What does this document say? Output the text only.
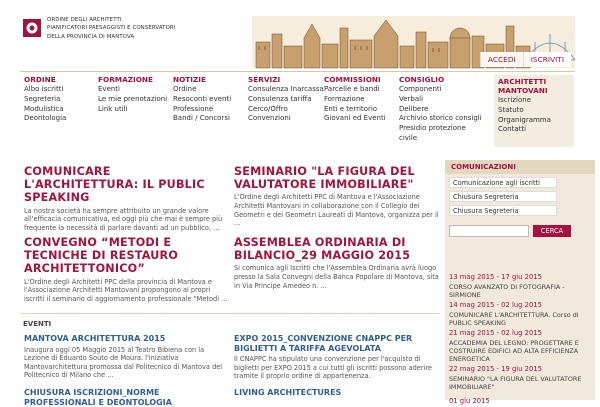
ORDINE DEGLI ARCHITETTI
PIANIFICATORI PAESAGGISTI E CONSERVATORI
DELLA PROVINCIA DI MANTOVA
ACCEDI	ISCRIVITI
ORDINE
Albo iscritti
Segreteria
Modulistica
Deontologia
FORMAZIONE
Eventi
Le mie prenotazioni
Link utili
NOTIZIE
Ordine
Resoconti eventi
Professione
Bandi / Concorsi
SERVIZI
Consulenza Inarcassa
Consulenza tariffa
Cerco/Offro
Convenzioni
COMMISSIONI
Parcelle e bandi
Formazione
Enti e territorio
Giovani ed Eventi
CONSIGLIO
Componenti
Verbali
Delibere
Archivio storico consigli
Presidio protezione
civile
ARCHITETTI MANTOVANI
Iscrizione
Statuto
Organigramma
Contatti
COMUNICARE L'ARCHITETTURA: IL PUBLIC SPEAKING

La nostra società ha sempre attribuito un grande valore all'efficacia comunicativa, ed oggi più che mai è sempre più frequente la necessità di parlare davanti ad un pubblico, ...

SEMINARIO "LA FIGURA DEL VALUTATORE IMMOBILIARE"

L'Ordine degli Architetti PPC di Mantova e l'Associazione Architetti Mantovani in collaborazione con il Collegio dei Geometri e dei Geometri Laureati di Mantova, organizza per il ...

CONVEGNO “METODI E TECNICHE DI RESTAURO ARCHITETTONICO”

L'Ordine degli Architetti PPC della provincia di Mantova e l'Associazione Architetti Mantovani propongono ai propri iscritti il seminario di aggiornamento professionale "Metodi ...

ASSEMBLEA ORDINARIA DI BILANCIO_29 MAGGIO 2015

Si comunica agli Iscritti che l'Assemblea Ordinaria avrà luogo presso la Sala Convegni della Banca Popolare di Mantova, sita in Via Principe Amedeo n. ...

EVENTI
MANTOVA ARCHITETTURA 2015

Inaugura oggi 05 Maggio 2015 al Teatro Bibiena con la Lezione di Eduardo Souto de Moura. l'iniziativa Mantovarchitettura promossa dal Politecnico di Mantova del Politecnico di Milano che ...

EXPO 2015_CONVENZIONE CNAPPC PER BIGLIETTI A TARIFFA AGEVOLATA

Il CNAPPC ha stipulato una convenzione per l'acquisto di biglietti per EXPO 2015 a cui tutti gli iscritti possono aderire tramite il proprio ordine di appartenenza.

CHIUSURA ISCRIZIONI_NORME PROFESSIONALI E DEONTOLOGIA
LIVING ARCHITECTURES
COMUNICAZIONI
Comunicazione agli iscritti
Chiusura Segreteria
Chiusura Segreteria
CERCA
13 mag 2015 - 17 giu 2015
CORSO AVANZATO DI FOTOGRAFIA - SIRMIONE
14 mag 2015 - 02 lug 2015
COMUNICARE L'ARCHITETTURA. Corso di PUBLIC SPEAKING
21 mag 2015 - 02 lug 2015
ACCADEMIA DEL LEGNO: PROGETTARE E COSTRUIRE EDIFICI AD ALTA EFFICIENZA ENERGETICA
22 mag 2015 - 19 giu 2015
SEMINARIO "LA FIGURA DEL VALUTATORE IMMOBILIARE"
01 giu 2015
